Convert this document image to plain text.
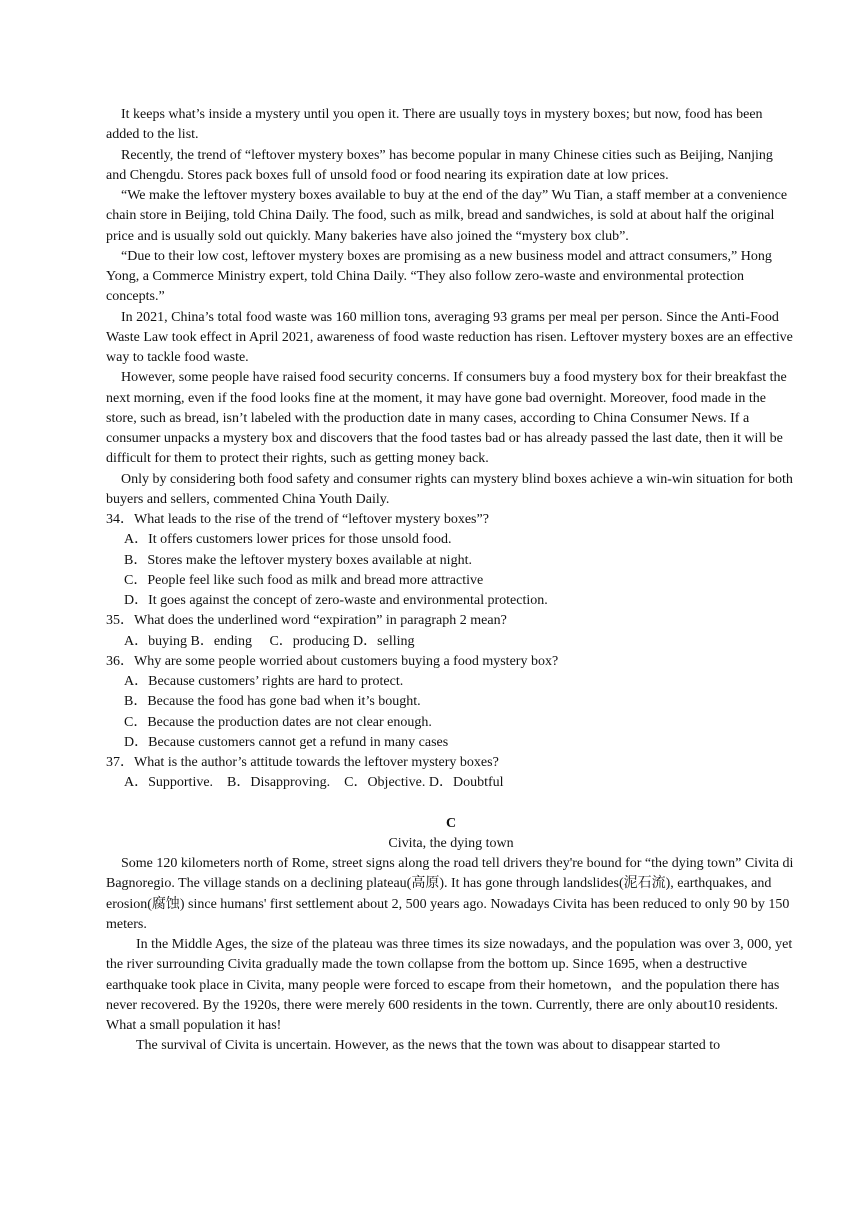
It keeps what’s inside a mystery until you open it. There are usually toys in mystery boxes; but now, food has been added to the list.

Recently, the trend of “leftover mystery boxes” has become popular in many Chinese cities such as Beijing, Nanjing and Chengdu. Stores pack boxes full of unsold food or food nearing its expiration date at low prices.

“We make the leftover mystery boxes available to buy at the end of the day” Wu Tian, a staff member at a convenience chain store in Beijing, told China Daily. The food, such as milk, bread and sandwiches, is sold at about half the original price and is usually sold out quickly. Many bakeries have also joined the “mystery box club”.

“Due to their low cost, leftover mystery boxes are promising as a new business model and attract consumers,” Hong Yong, a Commerce Ministry expert, told China Daily. “They also follow zero-waste and environmental protection concepts.”

In 2021, China’s total food waste was 160 million tons, averaging 93 grams per meal per person. Since the Anti-Food Waste Law took effect in April 2021, awareness of food waste reduction has risen. Leftover mystery boxes are an effective way to tackle food waste.

However, some people have raised food security concerns. If consumers buy a food mystery box for their breakfast the next morning, even if the food looks fine at the moment, it may have gone bad overnight. Moreover, food made in the store, such as bread, isn’t labeled with the production date in many cases, according to China Consumer News. If a consumer unpacks a mystery box and discovers that the food tastes bad or has already passed the last date, then it will be difficult for them to protect their rights, such as getting money back.

Only by considering both food safety and consumer rights can mystery blind boxes achieve a win-win situation for both buyers and sellers, commented China Youth Daily.

34．What leads to the rise of the trend of “leftover mystery boxes”?

A．It offers customers lower prices for those unsold food.

B．Stores make the leftover mystery boxes available at night.

C．People feel like such food as milk and bread more attractive

D．It goes against the concept of zero-waste and environmental protection.

35．What does the underlined word “expiration” in paragraph 2 mean?

A．buying B．ending　 C．producing D．selling

36．Why are some people worried about customers buying a food mystery box?

A．Because customers’ rights are hard to protect.

B．Because the food has gone bad when it’s bought.

C．Because the production dates are not clear enough.

D．Because customers cannot get a refund in many cases

37．What is the author’s attitude towards the leftover mystery boxes?

A．Supportive.　B．Disapproving.　C．Objective. D．Doubtful

C

Civita, the dying town

Some 120 kilometers north of Rome, street signs along the road tell drivers they're bound for “the dying town” Civita di Bagnoregio. The village stands on a declining plateau(高原). It has gone through landslides(泥石流), earthquakes, and erosion(腐蚀) since humans' first settlement about 2, 500 years ago. Nowadays Civita has been reduced to only 90 by 150 meters.

In the Middle Ages, the size of the plateau was three times its size nowadays, and the population was over 3, 000, yet the river surrounding Civita gradually made the town collapse from the bottom up. Since 1695, when a destructive earthquake took place in Civita, many people were forced to escape from their hometown，and the population there has never recovered. By the 1920s, there were merely 600 residents in the town. Currently, there are only about10 residents. What a small population it has!

The survival of Civita is uncertain. However, as the news that the town was about to disappear started to
